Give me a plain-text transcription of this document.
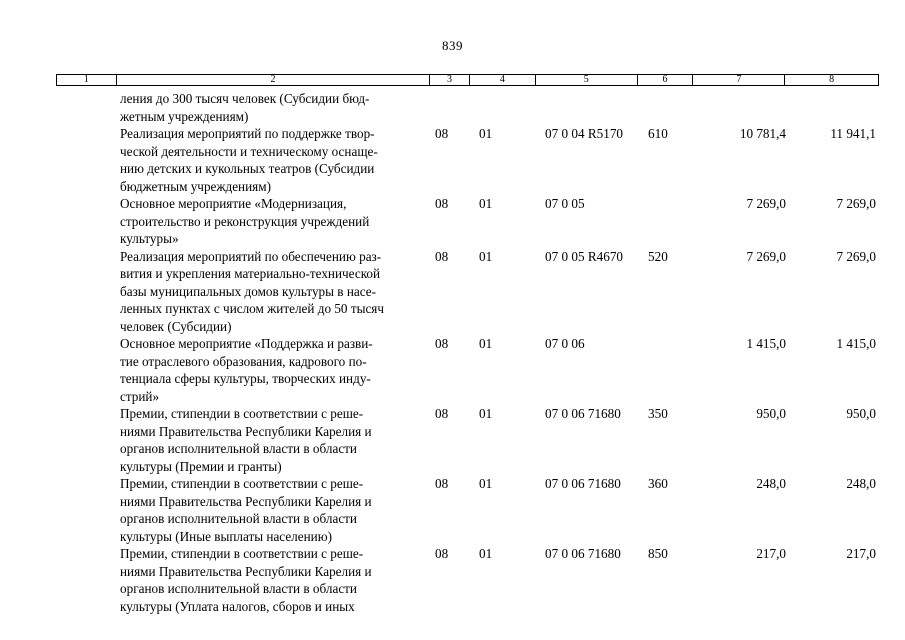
839
1	2	3	4	5	6	7	8
ления до 300 тысяч человек (Субсидии бюд-
жетным учреждениям)
Реализация мероприятий по поддержке твор-
ческой деятельности и техническому оснаще-
нию детских и кукольных театров (Субсидии
бюджетным учреждениям)
08 01	07 0 04 R5170 610	10 781,4	11 941,1
Основное мероприятие «Модернизация,
строительство и реконструкция учреждений
культуры»
08 01	07 0 05	7 269,0	7 269,0
Реализация мероприятий по обеспечению раз-
вития и укрепления материально-технической
базы муниципальных домов культуры в насе-
ленных пунктах с числом жителей до 50 тысяч
человек (Субсидии)
08 01	07 0 05 R4670 520	7 269,0	7 269,0
Основное мероприятие «Поддержка и разви-
тие отраслевого образования, кадрового по-
тенциала сферы культуры, творческих инду-
стрий»
08 01	07 0 06	1 415,0	1 415,0
Премии, стипендии в соответствии с реше-
ниями Правительства Республики Карелия и
органов исполнительной власти в области
культуры (Премии и гранты)
08 01	07 0 06 71680 350	950,0	950,0
Премии, стипендии в соответствии с реше-
ниями Правительства Республики Карелия и
органов исполнительной власти в области
культуры (Иные выплаты населению)
08 01	07 0 06 71680 360	248,0	248,0
Премии, стипендии в соответствии с реше-
ниями Правительства Республики Карелия и
органов исполнительной власти в области
культуры (Уплата налогов, сборов и иных
08 01	07 0 06 71680 850	217,0	217,0
